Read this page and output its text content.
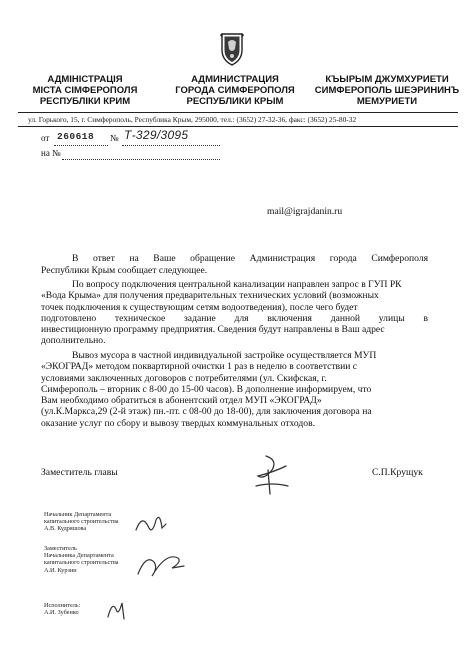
АДМІНІСТРАЦІЯ
МІСТА СІМФЕРОПОЛЯ
РЕСПУБЛІКИ КРИМ
АДМИНИСТРАЦИЯ
ГОРОДА СИМФЕРОПОЛЯ
РЕСПУБЛИКИ КРЫМ
КЪЫРЫМ ДЖУМХУРИЕТИ
СИМФЕРОПОЛЬ ШЕЭРИНИНЪ
МЕМУРИЕТИ
ул. Горького, 15, г. Симферополь, Республика Крым, 295000, тел.: (3652) 27-32-36, факс: (3652) 25-80-32
от 260618 № Т-329/3095
на №
mail@igrajdanin.ru
В ответ на Ваше обращение Администрация города Симферополя
Республики Крым сообщает следующее.
По вопросу подключения центральной канализации направлен запрос в ГУП РК
«Вода Крыма» для получения предварительных технических условий (возможных
точек подключения к существующим сетям водоотведения), после чего будет
подготовлено техническое задание для включения данной улицы в
инвестиционную программу предприятия. Сведения будут направлены в Ваш адрес
дополнительно.
Вывоз мусора в частной индивидуальной застройке осуществляется МУП
«ЭКОГРАД» методом поквартирной очистки 1 раз в неделю в соответствии с
условиями заключенных договоров с потребителями (ул. Скифская, г.
Симферополь – вторник с 8-00 до 15-00 часов). В дополнение информируем, что
Вам необходимо обратиться в абонентский отдел МУП «ЭКОГРАД»
(ул.К.Маркса,29 (2-й этаж) пн.-пт. с 08-00 до 18-00), для заключения договора на
оказание услуг по сбору и вывозу твердых коммунальных отходов.
Заместитель главы	С.П.Крущук
Начальник Департамента
капитального строительства
А.В. Кудряшова
Заместитель
Начальника Департамента
капитального строительства
А.И. Курзин
Исполнитель:
А.И. Зубенко
